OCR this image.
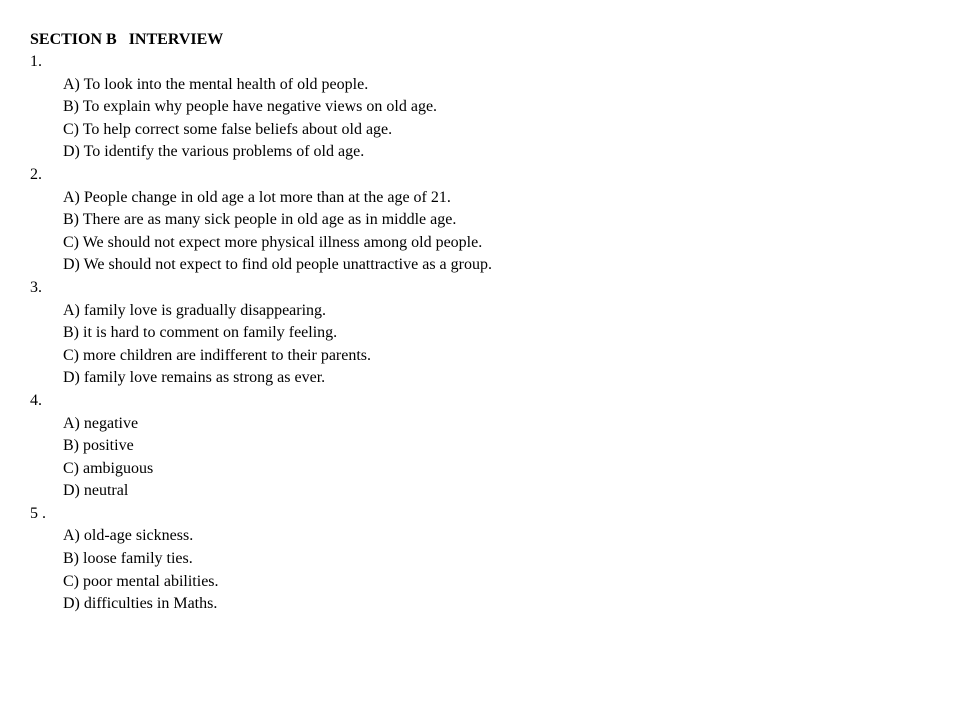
SECTION B   INTERVIEW
1.
A) To look into the mental health of old people.
B) To explain why people have negative views on old age.
C) To help correct some false beliefs about old age.
D) To identify the various problems of old age.
2.
A) People change in old age a lot more than at the age of 21.
B) There are as many sick people in old age as in middle age.
C) We should not expect more physical illness among old people.
D) We should not expect to find old people unattractive as a group.
3.
A) family love is gradually disappearing.
B) it is hard to comment on family feeling.
C) more children are indifferent to their parents.
D) family love remains as strong as ever.
4.
A) negative
B) positive
C) ambiguous
D) neutral
5 .
A) old-age sickness.
B) loose family ties.
C) poor mental abilities.
D) difficulties in Maths.
